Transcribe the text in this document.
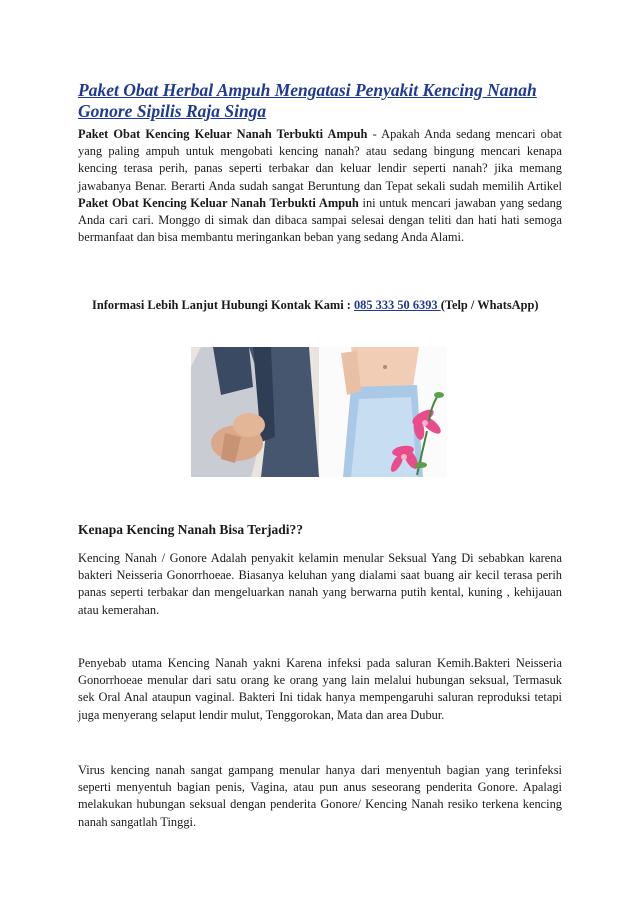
Paket Obat Herbal Ampuh Mengatasi Penyakit Kencing Nanah Gonore Sipilis Raja Singa

Paket Obat Kencing Keluar Nanah Terbukti Ampuh - Apakah Anda sedang mencari obat yang paling ampuh untuk mengobati kencing nanah? atau sedang bingung mencari kenapa kencing terasa perih, panas seperti terbakar dan keluar lendir seperti nanah? jika memang jawabanya Benar. Berarti Anda sudah sangat Beruntung dan Tepat sekali sudah memilih Artikel Paket Obat Kencing Keluar Nanah Terbukti Ampuh ini untuk mencari jawaban yang sedang Anda cari cari. Monggo di simak dan dibaca sampai selesai dengan teliti dan hati hati semoga bermanfaat dan bisa membantu meringankan beban yang sedang Anda Alami.

Informasi Lebih Lanjut Hubungi Kontak Kami : 085 333 50 6393 (Telp / WhatsApp)

Kenapa Kencing Nanah Bisa Terjadi??

Kencing Nanah / Gonore Adalah penyakit kelamin menular Seksual Yang Di sebabkan karena bakteri Neisseria Gonorrhoeae. Biasanya keluhan yang dialami saat buang air kecil terasa perih panas seperti terbakar dan mengeluarkan nanah yang berwarna putih kental, kuning , kehijauan atau kemerahan.

Penyebab utama Kencing Nanah yakni Karena infeksi pada saluran Kemih.Bakteri Neisseria Gonorrhoeae menular dari satu orang ke orang yang lain melalui hubungan seksual, Termasuk sek Oral Anal ataupun vaginal. Bakteri Ini tidak hanya mempengaruhi saluran reproduksi tetapi juga menyerang selaput lendir mulut, Tenggorokan, Mata dan area Dubur.

Virus kencing nanah sangat gampang menular hanya dari menyentuh bagian yang terinfeksi seperti menyentuh bagian penis, Vagina, atau pun anus seseorang penderita Gonore. Apalagi melakukan hubungan seksual dengan penderita Gonore/ Kencing Nanah resiko terkena kencing nanah sangatlah Tinggi.
